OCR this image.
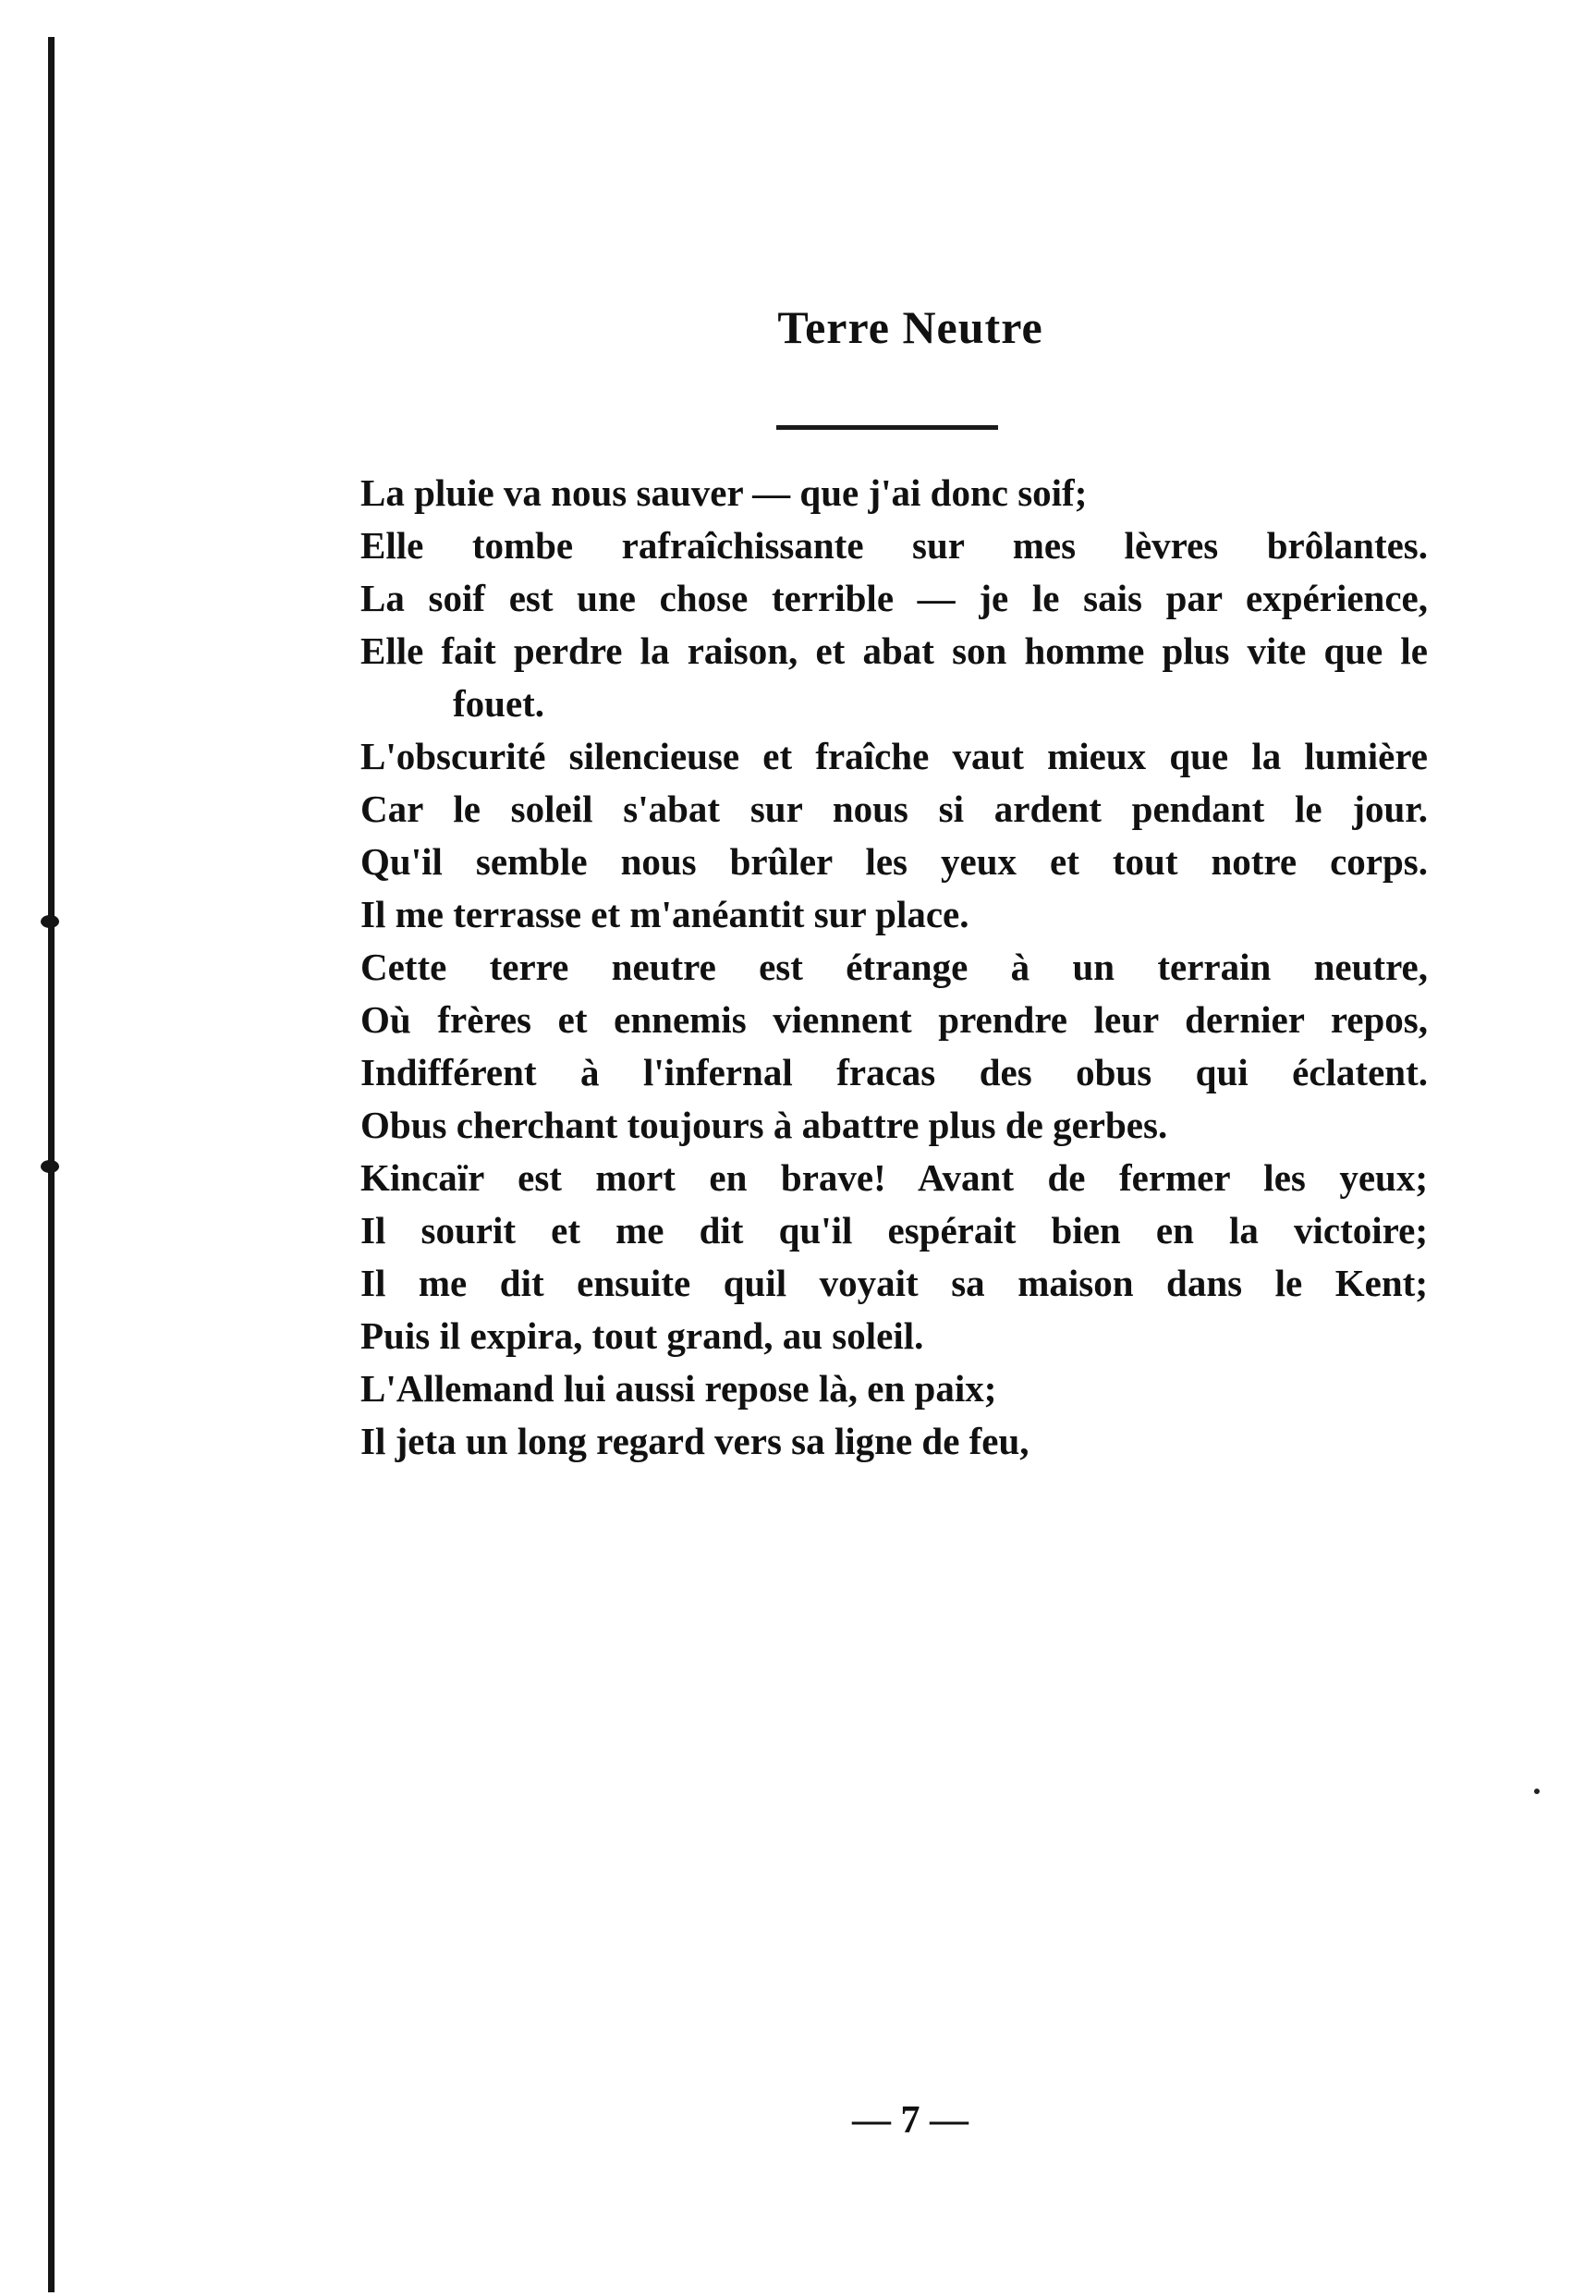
Terre Neutre
La pluie va nous sauver — que j'ai donc soif;
Elle tombe rafraîchissante sur mes lèvres brôlantes.
La soif est une chose terrible — je le sais par expérience,
Elle fait perdre la raison, et abat son homme plus vite que le fouet.
L'obscurité silencieuse et fraîche vaut mieux que la lumière
Car le soleil s'abat sur nous si ardent pendant le jour.
Qu'il semble nous brûler les yeux et tout notre corps.
Il me terrasse et m'anéantit sur place.
Cette terre neutre est étrange à un terrain neutre,
Où frères et ennemis viennent prendre leur dernier repos,
Indifférent à l'infernal fracas des obus qui éclatent.
Obus cherchant toujours à abattre plus de gerbes.
Kincaïr est mort en brave! Avant de fermer les yeux;
Il sourit et me dit qu'il espérait bien en la victoire;
Il me dit ensuite quil voyait sa maison dans le Kent;
Puis il expira, tout grand, au soleil.
L'Allemand lui aussi repose là, en paix;
Il jeta un long regard vers sa ligne de feu,

— 7 —
